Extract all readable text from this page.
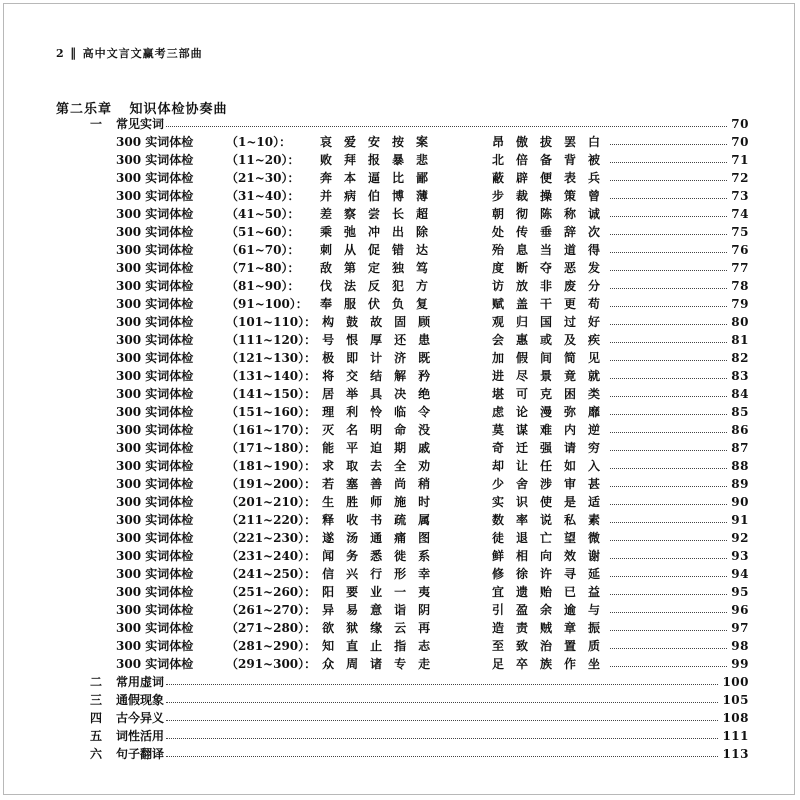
2 ‖ 高中文言文赢考三部曲
第二乐章 知识体检协奏曲
一 常见实词	70
300 实词体检	（1~10）：	哀 爱 安 按 案	昂 傲 拔 罢 白	70
300 实词体检	（11~20）：	败 拜 报 暴 悲	北 倍 备 背 被	71
300 实词体检	（21~30）：	奔 本 逼 比 鄙	蔽 辟 便 表 兵	72
300 实词体检	（31~40）：	并 病 伯 博 薄	步 裁 操 策 曾	73
300 实词体检	（41~50）：	差 察 尝 长 超	朝 彻 陈 称 诚	74
300 实词体检	（51~60）：	乘 弛 冲 出 除	处 传 垂 辞 次	75
300 实词体检	（61~70）：	刺 从 促 错 达	殆 息 当 道 得	76
300 实词体检	（71~80）：	敌 第 定 独 笃	度 断 夺 恶 发	77
300 实词体检	（81~90）：	伐 法 反 犯 方	访 放 非 废 分	78
300 实词体检	（91~100）：	奉 服 伏 负 复	赋 盖 干 更 苟	79
300 实词体检	（101~110）： 构 鼓 故 固 顾	观 归 国 过 好	80
300 实词体检	（111~120）： 号 恨 厚 还 患	会 惠 或 及 疾	81
300 实词体检	（121~130）： 极 即 计 济 既	加 假 间 简 见	82
300 实词体检	（131~140）： 将 交 结 解 矜	进 尽 景 竟 就	83
300 实词体检	（141~150）： 居 举 具 决 绝	堪 可 克 困 类	84
300 实词体检	（151~160）： 理 利 怜 临 令	虑 论 漫 弥 靡	85
300 实词体检	（161~170）： 灭 名 明 命 没	莫 谋 难 内 逆	86
300 实词体检	（171~180）： 能 平 迫 期 戚	奇 迁 强 请 穷	87
300 实词体检	（181~190）： 求 取 去 全 劝	却 让 任 如 入	88
300 实词体检	（191~200）： 若 塞 善 尚 稍	少 舍 涉 审 甚	89
300 实词体检	（201~210）： 生 胜 师 施 时	实 识 使 是 适	90
300 实词体检	（211~220）： 释 收 书 疏 属	数 率 说 私 素	91
300 实词体检	（221~230）： 遂 汤 通 痛 图	徒 退 亡 望 微	92
300 实词体检	（231~240）： 闻 务 悉 徙 系	鲜 相 向 效 谢	93
300 实词体检	（241~250）： 信 兴 行 形 幸	修 徐 许 寻 延	94
300 实词体检	（251~260）： 阳 要 业 一 夷	宜 遗 贻 已 益	95
300 实词体检	（261~270）： 异 易 意 诣 阴	引 盈 余 逾 与	96
300 实词体检	（271~280）： 欲 狱 缘 云 再	造 责 贼 章 振	97
300 实词体检	（281~290）： 知 直 止 指 志	至 致 治 置 质	98
300 实词体检	（291~300）： 众 周 诸 专 走	足 卒 族 作 坐	99
二 常用虚词	100
三 通假现象	105
四 古今异义	108
五 词性活用	111
六 句子翻译	113
